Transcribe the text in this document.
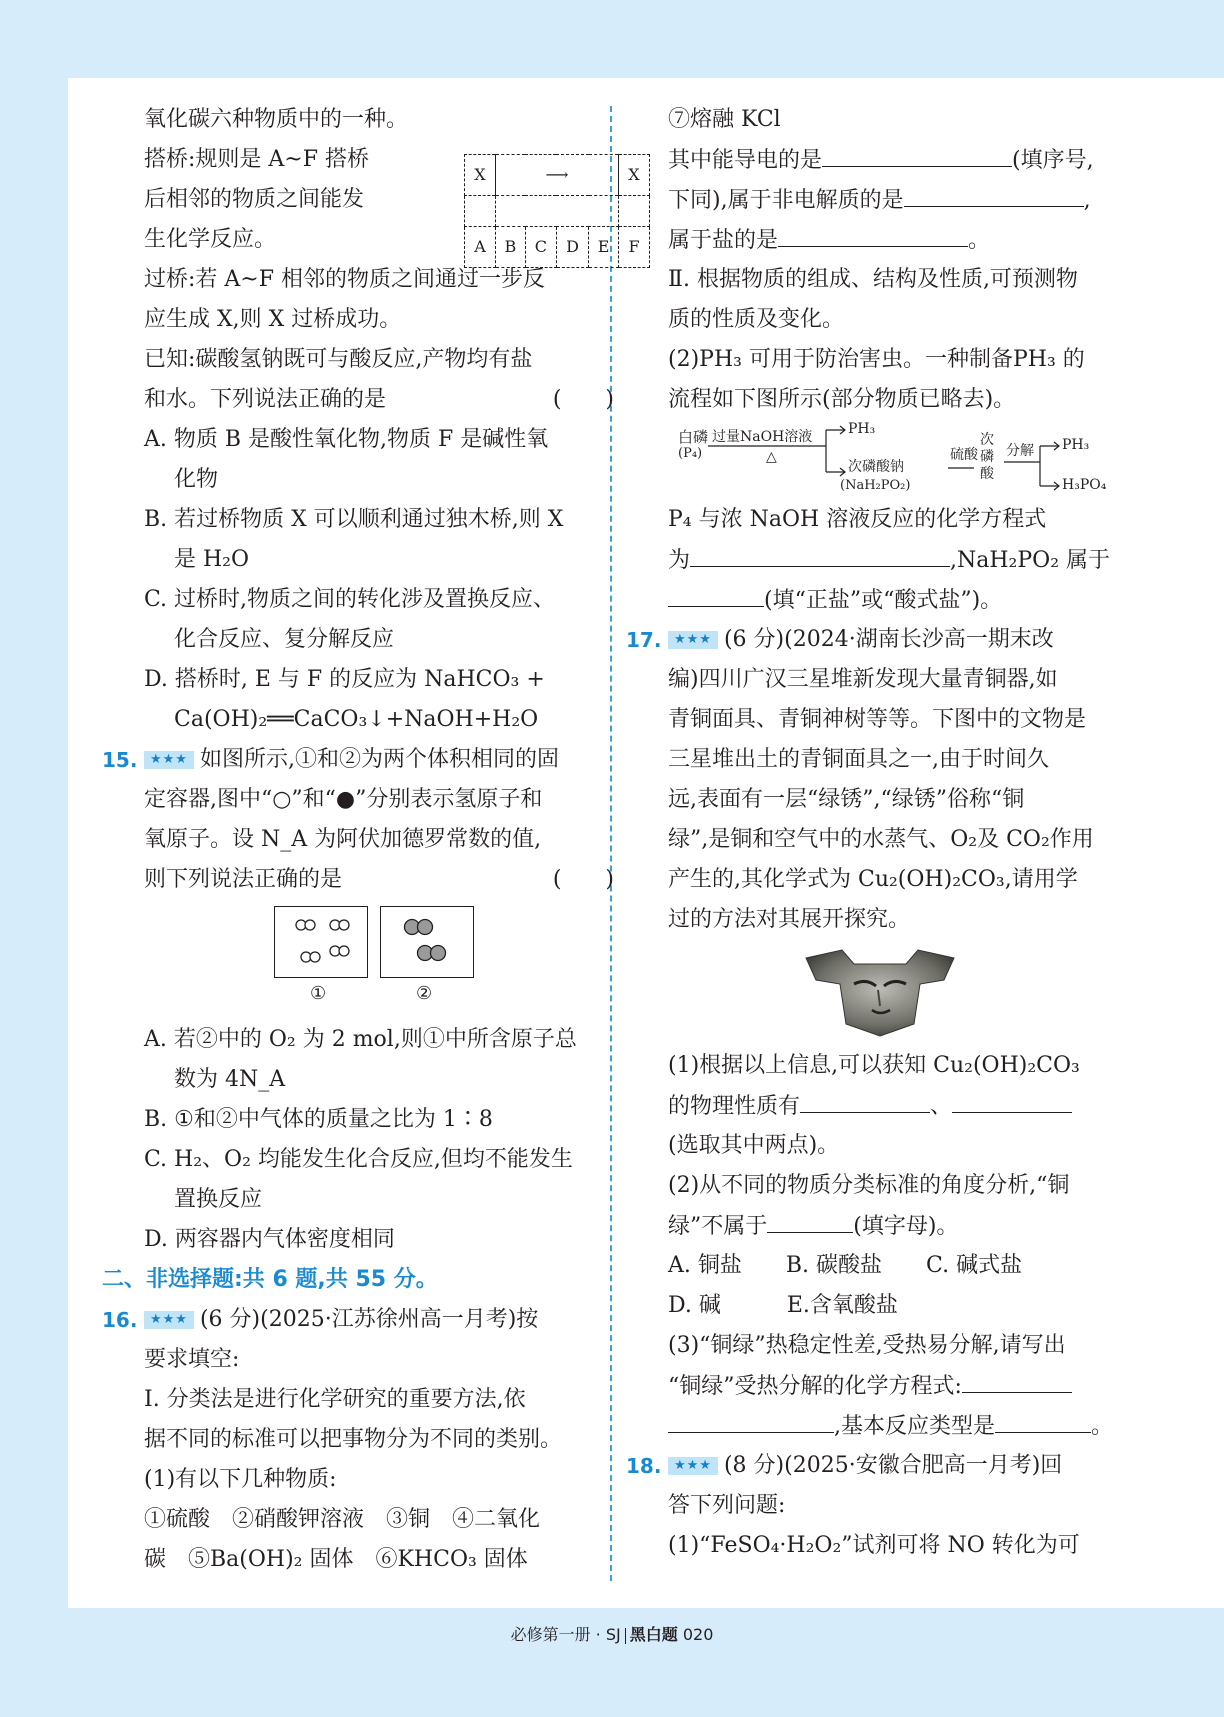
氧化碳六种物质中的一种。
搭桥:规则是 A~F 搭桥
后相邻的物质之间能发
生化学反应。
X	⟶				X

A	B	C	D	E	F
过桥:若 A~F 相邻的物质之间通过一步反
应生成 X,则 X 过桥成功。
已知:碳酸氢钠既可与酸反应,产物均有盐
和水。下列说法正确的是	(　　)
A. 物质 B 是酸性氧化物,物质 F 是碱性氧
化物
B. 若过桥物质 X 可以顺利通过独木桥,则 X
是 H₂O
C. 过桥时,物质之间的转化涉及置换反应、
化合反应、复分解反应
D. 搭桥时, E 与 F 的反应为 NaHCO₃ +
Ca(OH)₂══CaCO₃↓+NaOH+H₂O
15. ★★★ 如图所示,①和②为两个体积相同的固
定容器,图中“○”和“●”分别表示氢原子和
氧原子。设 N_A 为阿伏加德罗常数的值,
则下列说法正确的是	(　　)
①	②
A. 若②中的 O₂ 为 2 mol,则①中所含原子总
数为 4N_A
B. ①和②中气体的质量之比为 1∶8
C. H₂、O₂ 均能发生化合反应,但均不能发生
置换反应
D. 两容器内气体密度相同
二、非选择题:共 6 题,共 55 分。
16. ★★★ (6 分)(2025·江苏徐州高一月考)按
要求填空:
Ⅰ. 分类法是进行化学研究的重要方法,依
据不同的标准可以把事物分为不同的类别。
(1)有以下几种物质:
①硫酸　②硝酸钾溶液　③铜　④二氧化
碳　⑤Ba(OH)₂ 固体　⑥KHCO₃ 固体
⑦熔融 KCl
其中能导电的是	(填序号,
下同),属于非电解质的是	,
属于盐的是	。
Ⅱ. 根据物质的组成、结构及性质,可预测物
质的性质及变化。
(2)PH₃ 可用于防治害虫。一种制备PH₃ 的
流程如下图所示(部分物质已略去)。
白磷
(P₄)
过量NaOH溶液
△
PH₃
次磷酸钠
(NaH₂PO₂)
硫酸
次磷酸
分解 PH₃
H₃PO₄
P₄ 与浓 NaOH 溶液反应的化学方程式
为	,NaH₂PO₂ 属于
(填“正盐”或“酸式盐”)。
17. ★★★ (6 分)(2024·湖南长沙高一期末改
编)四川广汉三星堆新发现大量青铜器,如
青铜面具、青铜神树等等。下图中的文物是
三星堆出土的青铜面具之一,由于时间久
远,表面有一层“绿锈”,“绿锈”俗称“铜
绿”,是铜和空气中的水蒸气、O₂及 CO₂作用
产生的,其化学式为 Cu₂(OH)₂CO₃,请用学
过的方法对其展开探究。
(1)根据以上信息,可以获知 Cu₂(OH)₂CO₃
的物理性质有	、
(选取其中两点)。
(2)从不同的物质分类标准的角度分析,“铜
绿”不属于	(填字母)。
A. 铜盐　　B. 碳酸盐　　C. 碱式盐
D. 碱　　　E.含氧酸盐
(3)“铜绿”热稳定性差,受热易分解,请写出
“铜绿”受热分解的化学方程式:
,基本反应类型是	。
18. ★★★ (8 分)(2025·安徽合肥高一月考)回
答下列问题:
(1)“FeSO₄·H₂O₂”试剂可将 NO 转化为可
必修第一册 · SJ 黑白题 020
